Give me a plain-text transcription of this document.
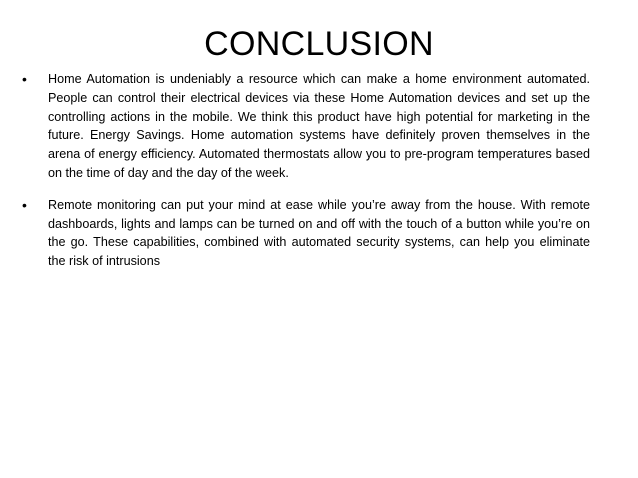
CONCLUSION
•	Home Automation is undeniably a resource which can make a home environment automated. People can control their electrical devices via these Home Automation devices and set up the controlling actions in the mobile. We think this product have high potential for marketing in the future. Energy Savings. Home automation systems have definitely proven themselves in the arena of energy efficiency. Automated thermostats allow you to pre-program temperatures based on the time of day and the day of the week.
•	Remote monitoring can put your mind at ease while you’re away from the house. With remote dashboards, lights and lamps can be turned on and off with the touch of a button while you’re on the go. These capabilities, combined with automated security systems, can help you eliminate the risk of intrusions
